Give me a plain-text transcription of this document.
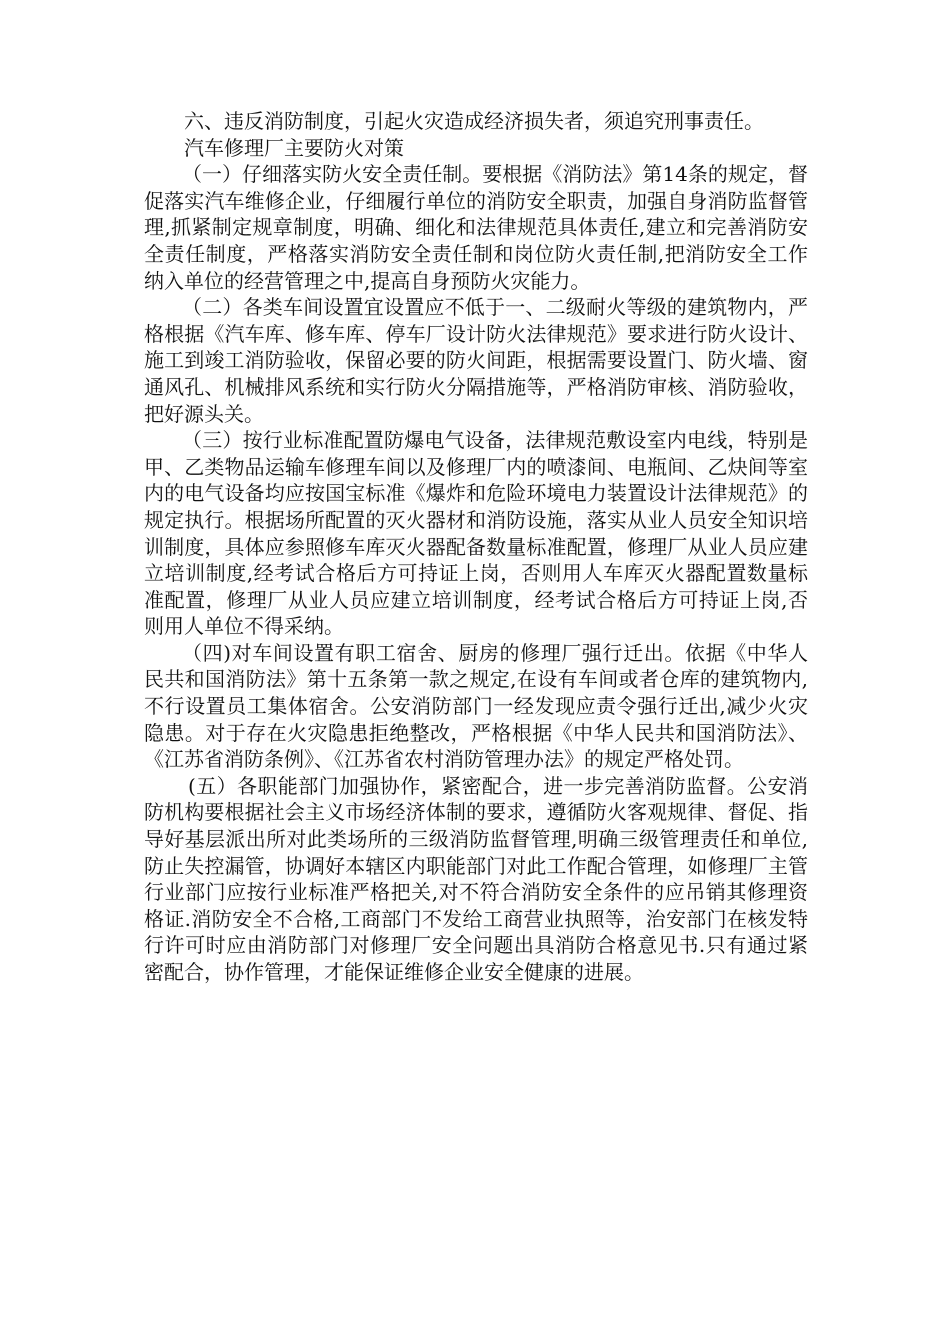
六、违反消防制度，引起火灾造成经济损失者，须追究刑事责任。

汽车修理厂主要防火对策

（一）仔细落实防火安全责任制。要根据《消防法》第14条的规定，督促落实汽车维修企业，仔细履行单位的消防安全职责，加强自身消防监督管理,抓紧制定规章制度，明确、细化和法律规范具体责任,建立和完善消防安全责任制度，严格落实消防安全责任制和岗位防火责任制,把消防安全工作纳入单位的经营管理之中,提高自身预防火灾能力。

（二）各类车间设置宜设置应不低于一、二级耐火等级的建筑物内，严格根据《汽车库、修车库、停车厂设计防火法律规范》要求进行防火设计、施工到竣工消防验收，保留必要的防火间距，根据需要设置门、防火墙、窗通风孔、机械排风系统和实行防火分隔措施等，严格消防审核、消防验收，把好源头关。

（三）按行业标准配置防爆电气设备，法律规范敷设室内电线，特别是甲、乙类物品运输车修理车间以及修理厂内的喷漆间、电瓶间、乙炔间等室内的电气设备均应按国宝标准《爆炸和危险环境电力装置设计法律规范》的规定执行。根据场所配置的灭火器材和消防设施，落实从业人员安全知识培训制度，具体应参照修车库灭火器配备数量标准配置，修理厂从业人员应建立培训制度,经考试合格后方可持证上岗，否则用人车库灭火器配置数量标准配置，修理厂从业人员应建立培训制度，经考试合格后方可持证上岗,否则用人单位不得采纳。

（四)对车间设置有职工宿舍、厨房的修理厂强行迁出。依据《中华人民共和国消防法》第十五条第一款之规定,在设有车间或者仓库的建筑物内,不行设置员工集体宿舍。公安消防部门一经发现应责令强行迁出,减少火灾隐患。对于存在火灾隐患拒绝整改，严格根据《中华人民共和国消防法》、《江苏省消防条例》、《江苏省农村消防管理办法》的规定严格处罚。

(五）各职能部门加强协作，紧密配合，进一步完善消防监督。公安消防机构要根据社会主义市场经济体制的要求，遵循防火客观规律、督促、指导好基层派出所对此类场所的三级消防监督管理,明确三级管理责任和单位,防止失控漏管，协调好本辖区内职能部门对此工作配合管理，如修理厂主管行业部门应按行业标准严格把关,对不符合消防安全条件的应吊销其修理资格证.消防安全不合格,工商部门不发给工商营业执照等，治安部门在核发特行许可时应由消防部门对修理厂安全问题出具消防合格意见书.只有通过紧密配合，协作管理，才能保证维修企业安全健康的进展。
